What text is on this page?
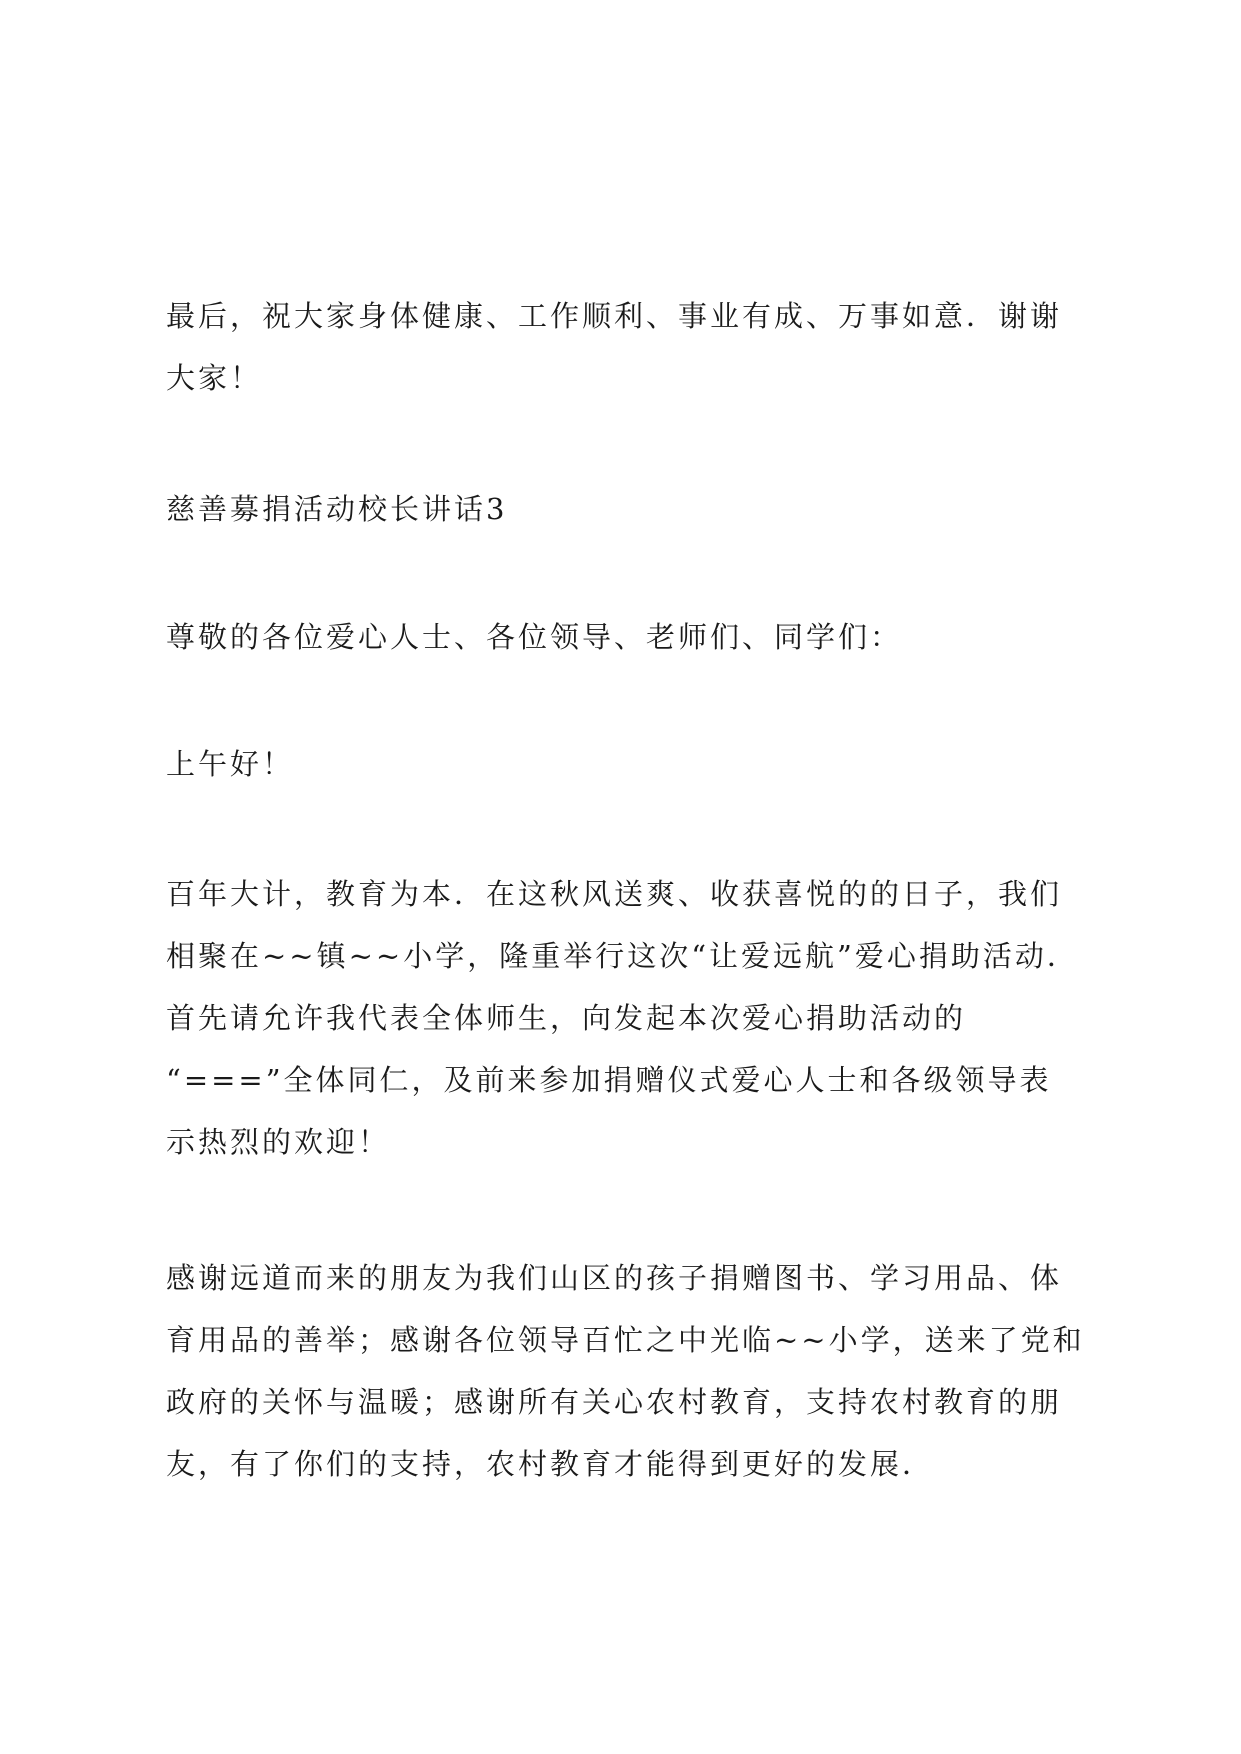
最后，祝大家身体健康、工作顺利、事业有成、万事如意．谢谢
大家！

慈善募捐活动校长讲话3

尊敬的各位爱心人士、各位领导、老师们、同学们：

上午好！

百年大计，教育为本．在这秋风送爽、收获喜悦的的日子，我们
相聚在~~镇~~小学，隆重举行这次“让爱远航”爱心捐助活动．
首先请允许我代表全体师生，向发起本次爱心捐助活动的
“===”全体同仁，及前来参加捐赠仪式爱心人士和各级领导表
示热烈的欢迎！

感谢远道而来的朋友为我们山区的孩子捐赠图书、学习用品、体
育用品的善举；感谢各位领导百忙之中光临~~小学，送来了党和
政府的关怀与温暖；感谢所有关心农村教育，支持农村教育的朋
友，有了你们的支持，农村教育才能得到更好的发展．
